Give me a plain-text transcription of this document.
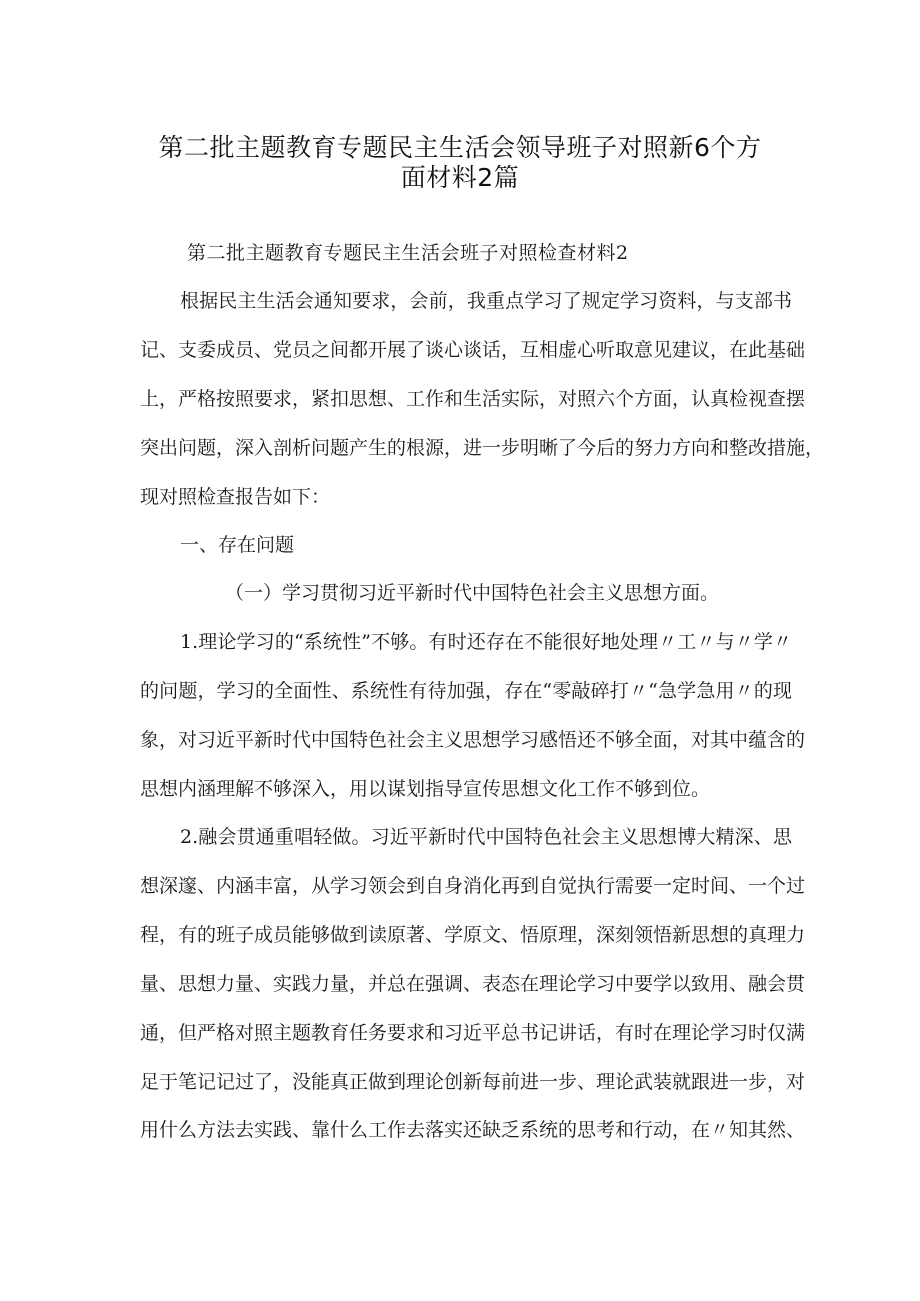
第二批主题教育专题民主生活会领导班子对照新6个方
面材料2篇
第二批主题教育专题民主生活会班子对照检查材料2
根据民主生活会通知要求，会前，我重点学习了规定学习资料，与支部书
记、支委成员、党员之间都开展了谈心谈话，互相虚心听取意见建议，在此基础
上，严格按照要求，紧扣思想、工作和生活实际，对照六个方面，认真检视查摆
突出问题，深入剖析问题产生的根源，进一步明晰了今后的努力方向和整改措施，
现对照检查报告如下：
一、存在问题
（一）学习贯彻习近平新时代中国特色社会主义思想方面。
1.理论学习的“系统性”不够。有时还存在不能很好地处理〃工〃与〃学〃
的问题，学习的全面性、系统性有待加强，存在“零敲碎打〃“急学急用〃的现
象，对习近平新时代中国特色社会主义思想学习感悟还不够全面，对其中蕴含的
思想内涵理解不够深入，用以谋划指导宣传思想文化工作不够到位。
2.融会贯通重唱轻做。习近平新时代中国特色社会主义思想博大精深、思
想深邃、内涵丰富，从学习领会到自身消化再到自觉执行需要一定时间、一个过
程，有的班子成员能够做到读原著、学原文、悟原理，深刻领悟新思想的真理力
量、思想力量、实践力量，并总在强调、表态在理论学习中要学以致用、融会贯
通，但严格对照主题教育任务要求和习近平总书记讲话，有时在理论学习时仅满
足于笔记记过了，没能真正做到理论创新每前进一步、理论武装就跟进一步，对
用什么方法去实践、靠什么工作去落实还缺乏系统的思考和行动，在〃知其然、
